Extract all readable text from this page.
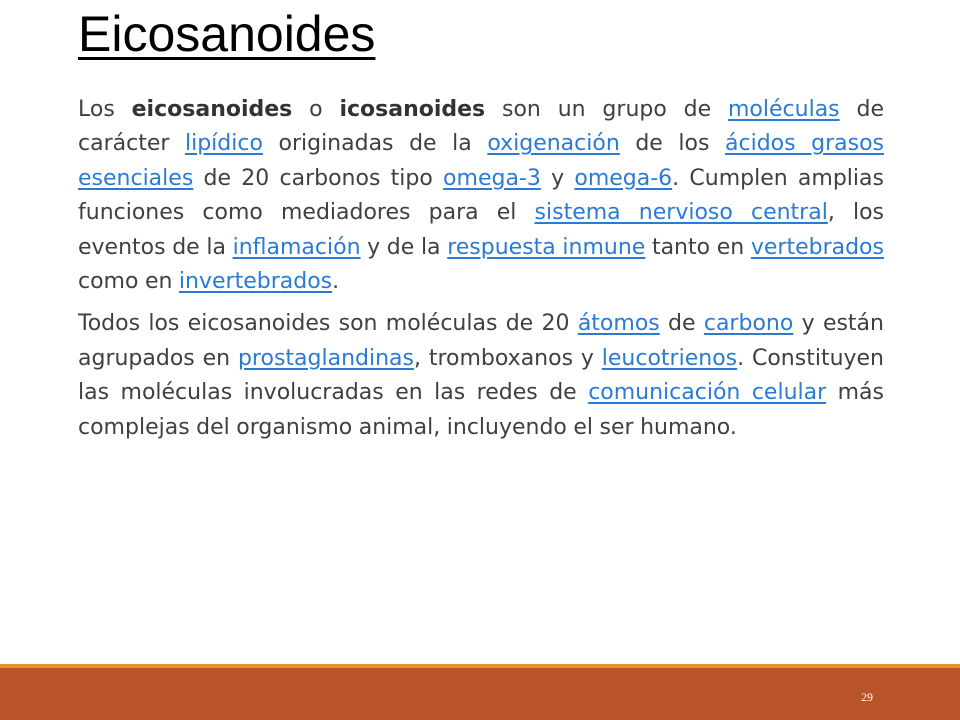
Eicosanoides

Los eicosanoides o icosanoides son un grupo de moléculas de carácter lipídico originadas de la oxigenación de los ácidos grasos esenciales de 20 carbonos tipo omega-3 y omega-6. Cumplen amplias funciones como mediadores para el sistema nervioso central, los eventos de la inflamación y de la respuesta inmune tanto en vertebrados como en invertebrados.

Todos los eicosanoides son moléculas de 20 átomos de carbono y están agrupados en prostaglandinas, tromboxanos y leucotrienos. Constituyen las moléculas involucradas en las redes de comunicación celular más complejas del organismo animal, incluyendo el ser humano.

29
